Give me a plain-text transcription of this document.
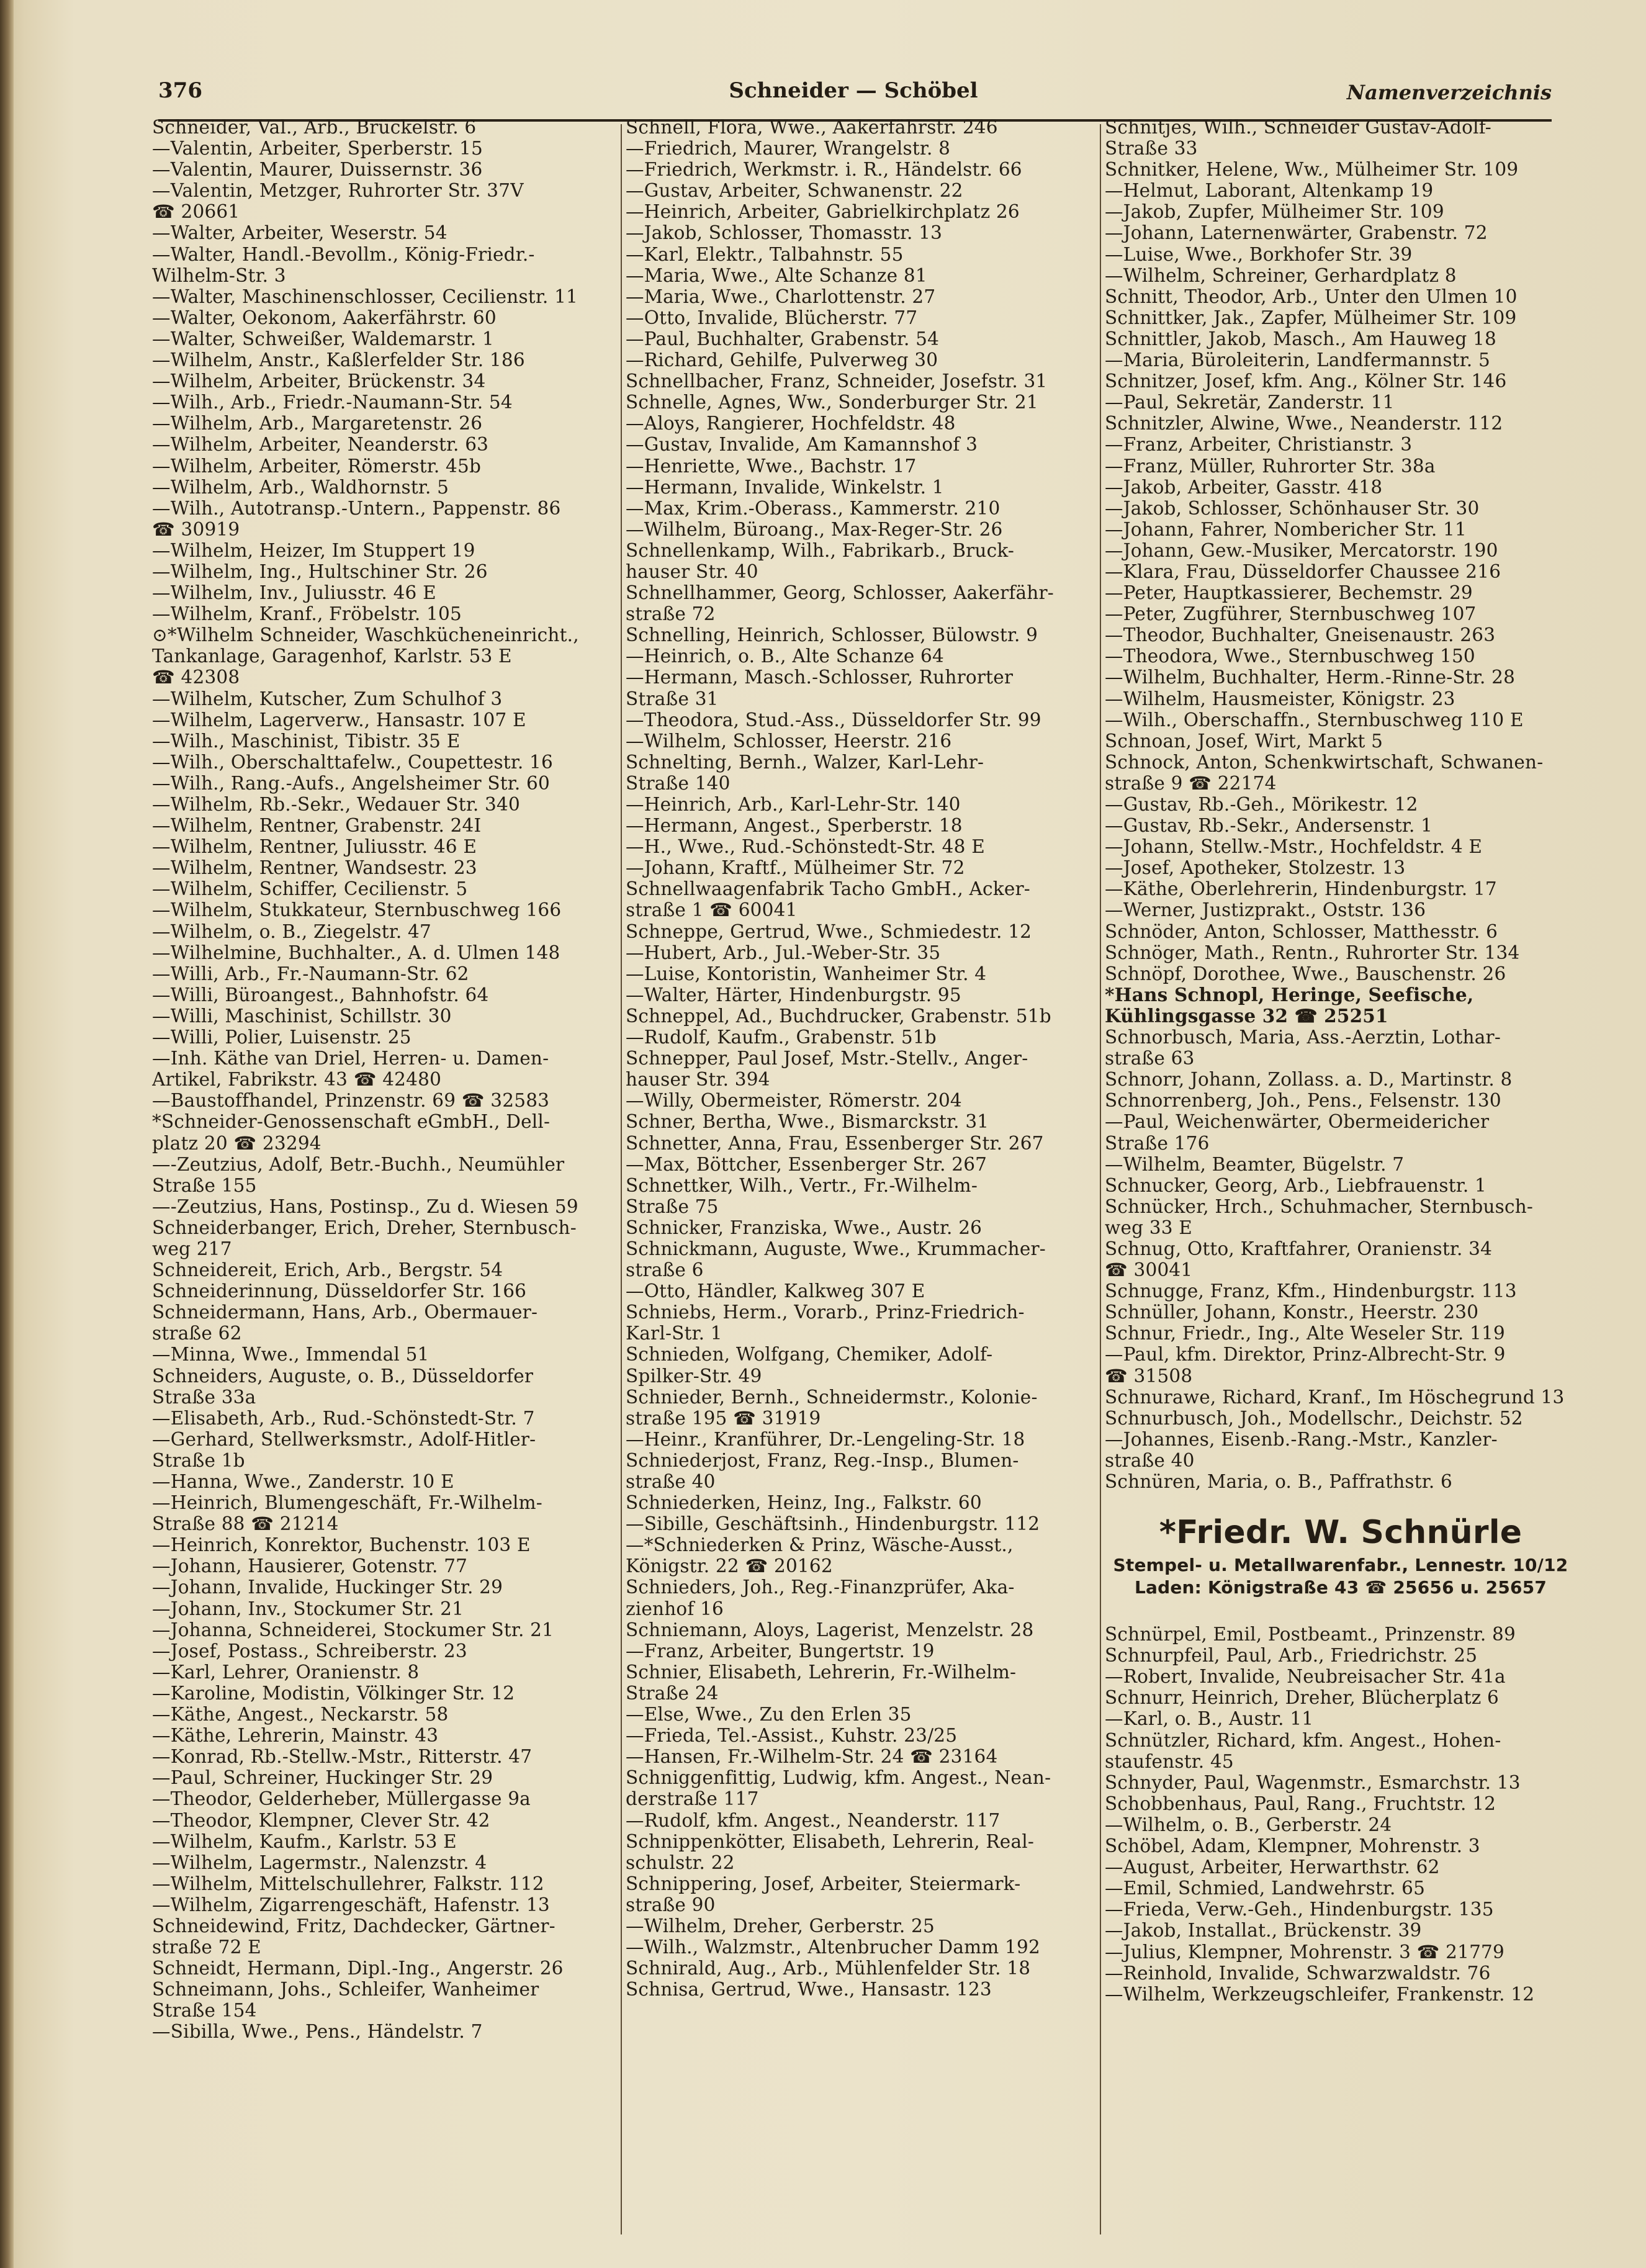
376	Schneider — Schöbel	Namenverzeichnis
Schneider, Val., Arb., Brückelstr. 6
—Valentin, Arbeiter, Sperberstr. 15
—Valentin, Maurer, Duissernstr. 36
—Valentin, Metzger, Ruhrorter Str. 37V
☎ 20661
—Walter, Arbeiter, Weserstr. 54
—Walter, Handl.-Bevollm., König-Friedr.-
Wilhelm-Str. 3
—Walter, Maschinenschlosser, Cecilienstr. 11
—Walter, Oekonom, Aakerfährstr. 60
—Walter, Schweißer, Waldemarstr. 1
—Wilhelm, Anstr., Kaßlerfelder Str. 186
—Wilhelm, Arbeiter, Brückenstr. 34
—Wilh., Arb., Friedr.-Naumann-Str. 54
—Wilhelm, Arb., Margaretenstr. 26
—Wilhelm, Arbeiter, Neanderstr. 63
—Wilhelm, Arbeiter, Römerstr. 45b
—Wilhelm, Arb., Waldhornstr. 5
—Wilh., Autotransp.-Untern., Pappenstr. 86
☎ 30919
—Wilhelm, Heizer, Im Stuppert 19
—Wilhelm, Ing., Hultschiner Str. 26
—Wilhelm, Inv., Juliusstr. 46 E
—Wilhelm, Kranf., Fröbelstr. 105
⊙*Wilhelm Schneider, Waschkücheneinricht.,
Tankanlage, Garagenhof, Karlstr. 53 E
☎ 42308
—Wilhelm, Kutscher, Zum Schulhof 3
—Wilhelm, Lagerverw., Hansastr. 107 E
—Wilh., Maschinist, Tibistr. 35 E
—Wilh., Oberschalttafelw., Coupettestr. 16
—Wilh., Rang.-Aufs., Angelsheimer Str. 60
—Wilhelm, Rb.-Sekr., Wedauer Str. 340
—Wilhelm, Rentner, Grabenstr. 24I
—Wilhelm, Rentner, Juliusstr. 46 E
—Wilhelm, Rentner, Wandsestr. 23
—Wilhelm, Schiffer, Cecilienstr. 5
—Wilhelm, Stukkateur, Sternbuschweg 166
—Wilhelm, o. B., Ziegelstr. 47
—Wilhelmine, Buchhalter., A. d. Ulmen 148
—Willi, Arb., Fr.-Naumann-Str. 62
—Willi, Büroangest., Bahnhofstr. 64
—Willi, Maschinist, Schillstr. 30
—Willi, Polier, Luisenstr. 25
—Inh. Käthe van Driel, Herren- u. Damen-
Artikel, Fabrikstr. 43 ☎ 42480
—Baustoffhandel, Prinzenstr. 69 ☎ 32583
*Schneider-Genossenschaft eGmbH., Dell-
platz 20 ☎ 23294
—-Zeutzius, Adolf, Betr.-Buchh., Neumühler
Straße 155
—-Zeutzius, Hans, Postinsp., Zu d. Wiesen 59
Schneiderbanger, Erich, Dreher, Sternbusch-
weg 217
Schneidereit, Erich, Arb., Bergstr. 54
Schneiderinnung, Düsseldorfer Str. 166
Schneidermann, Hans, Arb., Obermauer-
straße 62
—Minna, Wwe., Immendal 51
Schneiders, Auguste, o. B., Düsseldorfer
Straße 33a
—Elisabeth, Arb., Rud.-Schönstedt-Str. 7
—Gerhard, Stellwerksmstr., Adolf-Hitler-
Straße 1b
—Hanna, Wwe., Zanderstr. 10 E
—Heinrich, Blumengeschäft, Fr.-Wilhelm-
Straße 88 ☎ 21214
—Heinrich, Konrektor, Buchenstr. 103 E
—Johann, Hausierer, Gotenstr. 77
—Johann, Invalide, Huckinger Str. 29
—Johann, Inv., Stockumer Str. 21
—Johanna, Schneiderei, Stockumer Str. 21
—Josef, Postass., Schreiberstr. 23
—Karl, Lehrer, Oranienstr. 8
—Karoline, Modistin, Völkinger Str. 12
—Käthe, Angest., Neckarstr. 58
—Käthe, Lehrerin, Mainstr. 43
—Konrad, Rb.-Stellw.-Mstr., Ritterstr. 47
—Paul, Schreiner, Huckinger Str. 29
—Theodor, Gelderheber, Müllergasse 9a
—Theodor, Klempner, Clever Str. 42
—Wilhelm, Kaufm., Karlstr. 53 E
—Wilhelm, Lagermstr., Nalenzstr. 4
—Wilhelm, Mittelschullehrer, Falkstr. 112
—Wilhelm, Zigarrengeschäft, Hafenstr. 13
Schneidewind, Fritz, Dachdecker, Gärtner-
straße 72 E
Schneidt, Hermann, Dipl.-Ing., Angerstr. 26
Schneimann, Johs., Schleifer, Wanheimer
Straße 154
—Sibilla, Wwe., Pens., Händelstr. 7
Schnell, Flora, Wwe., Aakerfährstr. 246
—Friedrich, Maurer, Wrangelstr. 8
—Friedrich, Werkmstr. i. R., Händelstr. 66
—Gustav, Arbeiter, Schwanenstr. 22
—Heinrich, Arbeiter, Gabrielkirchplatz 26
—Jakob, Schlosser, Thomasstr. 13
—Karl, Elektr., Talbahnstr. 55
—Maria, Wwe., Alte Schanze 81
—Maria, Wwe., Charlottenstr. 27
—Otto, Invalide, Blücherstr. 77
—Paul, Buchhalter, Grabenstr. 54
—Richard, Gehilfe, Pulverweg 30
Schnellbacher, Franz, Schneider, Josefstr. 31
Schnelle, Agnes, Ww., Sonderburger Str. 21
—Aloys, Rangierer, Hochfeldstr. 48
—Gustav, Invalide, Am Kamannshof 3
—Henriette, Wwe., Bachstr. 17
—Hermann, Invalide, Winkelstr. 1
—Max, Krim.-Oberass., Kammerstr. 210
—Wilhelm, Büroang., Max-Reger-Str. 26
Schnellenkamp, Wilh., Fabrikarb., Bruck-
hauser Str. 40
Schnellhammer, Georg, Schlosser, Aakerfähr-
straße 72
Schnelling, Heinrich, Schlosser, Bülowstr. 9
—Heinrich, o. B., Alte Schanze 64
—Hermann, Masch.-Schlosser, Ruhrorter
Straße 31
—Theodora, Stud.-Ass., Düsseldorfer Str. 99
—Wilhelm, Schlosser, Heerstr. 216
Schnelting, Bernh., Walzer, Karl-Lehr-
Straße 140
—Heinrich, Arb., Karl-Lehr-Str. 140
—Hermann, Angest., Sperberstr. 18
—H., Wwe., Rud.-Schönstedt-Str. 48 E
—Johann, Kraftf., Mülheimer Str. 72
Schnellwaagenfabrik Tacho GmbH., Acker-
straße 1 ☎ 60041
Schneppe, Gertrud, Wwe., Schmiedestr. 12
—Hubert, Arb., Jul.-Weber-Str. 35
—Luise, Kontoristin, Wanheimer Str. 4
—Walter, Härter, Hindenburgstr. 95
Schneppel, Ad., Buchdrucker, Grabenstr. 51b
—Rudolf, Kaufm., Grabenstr. 51b
Schnepper, Paul Josef, Mstr.-Stellv., Anger-
hauser Str. 394
—Willy, Obermeister, Römerstr. 204
Schner, Bertha, Wwe., Bismarckstr. 31
Schnetter, Anna, Frau, Essenberger Str. 267
—Max, Böttcher, Essenberger Str. 267
Schnettker, Wilh., Vertr., Fr.-Wilhelm-
Straße 75
Schnicker, Franziska, Wwe., Austr. 26
Schnickmann, Auguste, Wwe., Krummacher-
straße 6
—Otto, Händler, Kalkweg 307 E
Schniebs, Herm., Vorarb., Prinz-Friedrich-
Karl-Str. 1
Schnieden, Wolfgang, Chemiker, Adolf-
Spilker-Str. 49
Schnieder, Bernh., Schneidermstr., Kolonie-
straße 195 ☎ 31919
—Heinr., Kranführer, Dr.-Lengeling-Str. 18
Schniederjost, Franz, Reg.-Insp., Blumen-
straße 40
Schniederken, Heinz, Ing., Falkstr. 60
—Sibille, Geschäftsinh., Hindenburgstr. 112
—*Schniederken & Prinz, Wäsche-Ausst.,
Königstr. 22 ☎ 20162
Schnieders, Joh., Reg.-Finanzprüfer, Aka-
zienhof 16
Schniemann, Aloys, Lagerist, Menzelstr. 28
—Franz, Arbeiter, Bungertstr. 19
Schnier, Elisabeth, Lehrerin, Fr.-Wilhelm-
Straße 24
—Else, Wwe., Zu den Erlen 35
—Frieda, Tel.-Assist., Kuhstr. 23/25
—Hansen, Fr.-Wilhelm-Str. 24 ☎ 23164
Schniggenfittig, Ludwig, kfm. Angest., Nean-
derstraße 117
—Rudolf, kfm. Angest., Neanderstr. 117
Schnippenkötter, Elisabeth, Lehrerin, Real-
schulstr. 22
Schnippering, Josef, Arbeiter, Steiermark-
straße 90
—Wilhelm, Dreher, Gerberstr. 25
—Wilh., Walzmstr., Altenbrucher Damm 192
Schnirald, Aug., Arb., Mühlenfelder Str. 18
Schnisa, Gertrud, Wwe., Hansastr. 123
Schnitjes, Wilh., Schneider Gustav-Adolf-
Straße 33
Schnitker, Helene, Ww., Mülheimer Str. 109
—Helmut, Laborant, Altenkamp 19
—Jakob, Zupfer, Mülheimer Str. 109
—Johann, Laternenwärter, Grabenstr. 72
—Luise, Wwe., Borkhofer Str. 39
—Wilhelm, Schreiner, Gerhardplatz 8
Schnitt, Theodor, Arb., Unter den Ulmen 10
Schnittker, Jak., Zapfer, Mülheimer Str. 109
Schnittler, Jakob, Masch., Am Hauweg 18
—Maria, Büroleiterin, Landfermannstr. 5
Schnitzer, Josef, kfm. Ang., Kölner Str. 146
—Paul, Sekretär, Zanderstr. 11
Schnitzler, Alwine, Wwe., Neanderstr. 112
—Franz, Arbeiter, Christianstr. 3
—Franz, Müller, Ruhrorter Str. 38a
—Jakob, Arbeiter, Gasstr. 418
—Jakob, Schlosser, Schönhauser Str. 30
—Johann, Fahrer, Nombericher Str. 11
—Johann, Gew.-Musiker, Mercatorstr. 190
—Klara, Frau, Düsseldorfer Chaussee 216
—Peter, Hauptkassierer, Bechemstr. 29
—Peter, Zugführer, Sternbuschweg 107
—Theodor, Buchhalter, Gneisenaustr. 263
—Theodora, Wwe., Sternbuschweg 150
—Wilhelm, Buchhalter, Herm.-Rinne-Str. 28
—Wilhelm, Hausmeister, Königstr. 23
—Wilh., Oberschaffn., Sternbuschweg 110 E
Schnoan, Josef, Wirt, Markt 5
Schnock, Anton, Schenkwirtschaft, Schwanen-
straße 9 ☎ 22174
—Gustav, Rb.-Geh., Mörikestr. 12
—Gustav, Rb.-Sekr., Andersenstr. 1
—Johann, Stellw.-Mstr., Hochfeldstr. 4 E
—Josef, Apotheker, Stolzestr. 13
—Käthe, Oberlehrerin, Hindenburgstr. 17
—Werner, Justizprakt., Oststr. 136
Schnöder, Anton, Schlosser, Matthesstr. 6
Schnöger, Math., Rentn., Ruhrorter Str. 134
Schnöpf, Dorothee, Wwe., Bauschenstr. 26
*Hans Schnopl, Heringe, Seefische,
Kühlingsgasse 32 ☎ 25251
Schnorbusch, Maria, Ass.-Aerztin, Lothar-
straße 63
Schnorr, Johann, Zollass. a. D., Martinstr. 8
Schnorrenberg, Joh., Pens., Felsenstr. 130
—Paul, Weichenwärter, Obermeidericher
Straße 176
—Wilhelm, Beamter, Bügelstr. 7
Schnucker, Georg, Arb., Liebfrauenstr. 1
Schnücker, Hrch., Schuhmacher, Sternbusch-
weg 33 E
Schnug, Otto, Kraftfahrer, Oranienstr. 34
☎ 30041
Schnugge, Franz, Kfm., Hindenburgstr. 113
Schnüller, Johann, Konstr., Heerstr. 230
Schnur, Friedr., Ing., Alte Weseler Str. 119
—Paul, kfm. Direktor, Prinz-Albrecht-Str. 9
☎ 31508
Schnurawe, Richard, Kranf., Im Höschegrund 13
Schnurbusch, Joh., Modellschr., Deichstr. 52
—Johannes, Eisenb.-Rang.-Mstr., Kanzler-
straße 40
Schnüren, Maria, o. B., Paffrathstr. 6
*Friedr. W. Schnürle
Stempel- u. Metallwarenfabr., Lennestr. 10/12
Laden: Königstraße 43 ☎ 25656 u. 25657
Schnürpel, Emil, Postbeamt., Prinzenstr. 89
Schnurpfeil, Paul, Arb., Friedrichstr. 25
—Robert, Invalide, Neubreisacher Str. 41a
Schnurr, Heinrich, Dreher, Blücherplatz 6
—Karl, o. B., Austr. 11
Schnützler, Richard, kfm. Angest., Hohen-
staufenstr. 45
Schnyder, Paul, Wagenmstr., Esmarchstr. 13
Schobbenhaus, Paul, Rang., Fruchtstr. 12
—Wilhelm, o. B., Gerberstr. 24
Schöbel, Adam, Klempner, Mohrenstr. 3
—August, Arbeiter, Herwarthstr. 62
—Emil, Schmied, Landwehrstr. 65
—Frieda, Verw.-Geh., Hindenburgstr. 135
—Jakob, Installat., Brückenstr. 39
—Julius, Klempner, Mohrenstr. 3 ☎ 21779
—Reinhold, Invalide, Schwarzwaldstr. 76
—Wilhelm, Werkzeugschleifer, Frankenstr. 12
